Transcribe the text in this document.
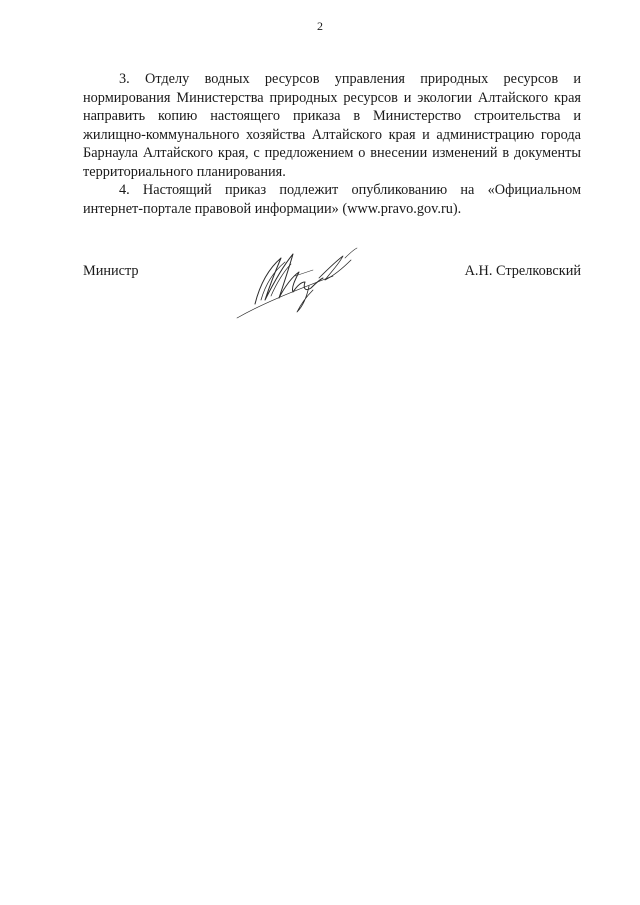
2

3. Отделу водных ресурсов управления природных ресурсов и нормирования Министерства природных ресурсов и экологии Алтайского края направить копию настоящего приказа в Министерство строительства и жилищно-коммунального хозяйства Алтайского края и администрацию города Барнаула Алтайского края, с предложением о внесении изменений в документы территориального планирования.

4. Настоящий приказ подлежит опубликованию на «Официальном интернет-портале правовой информации» (www.pravo.gov.ru).

Министр	А.Н. Стрелковский
